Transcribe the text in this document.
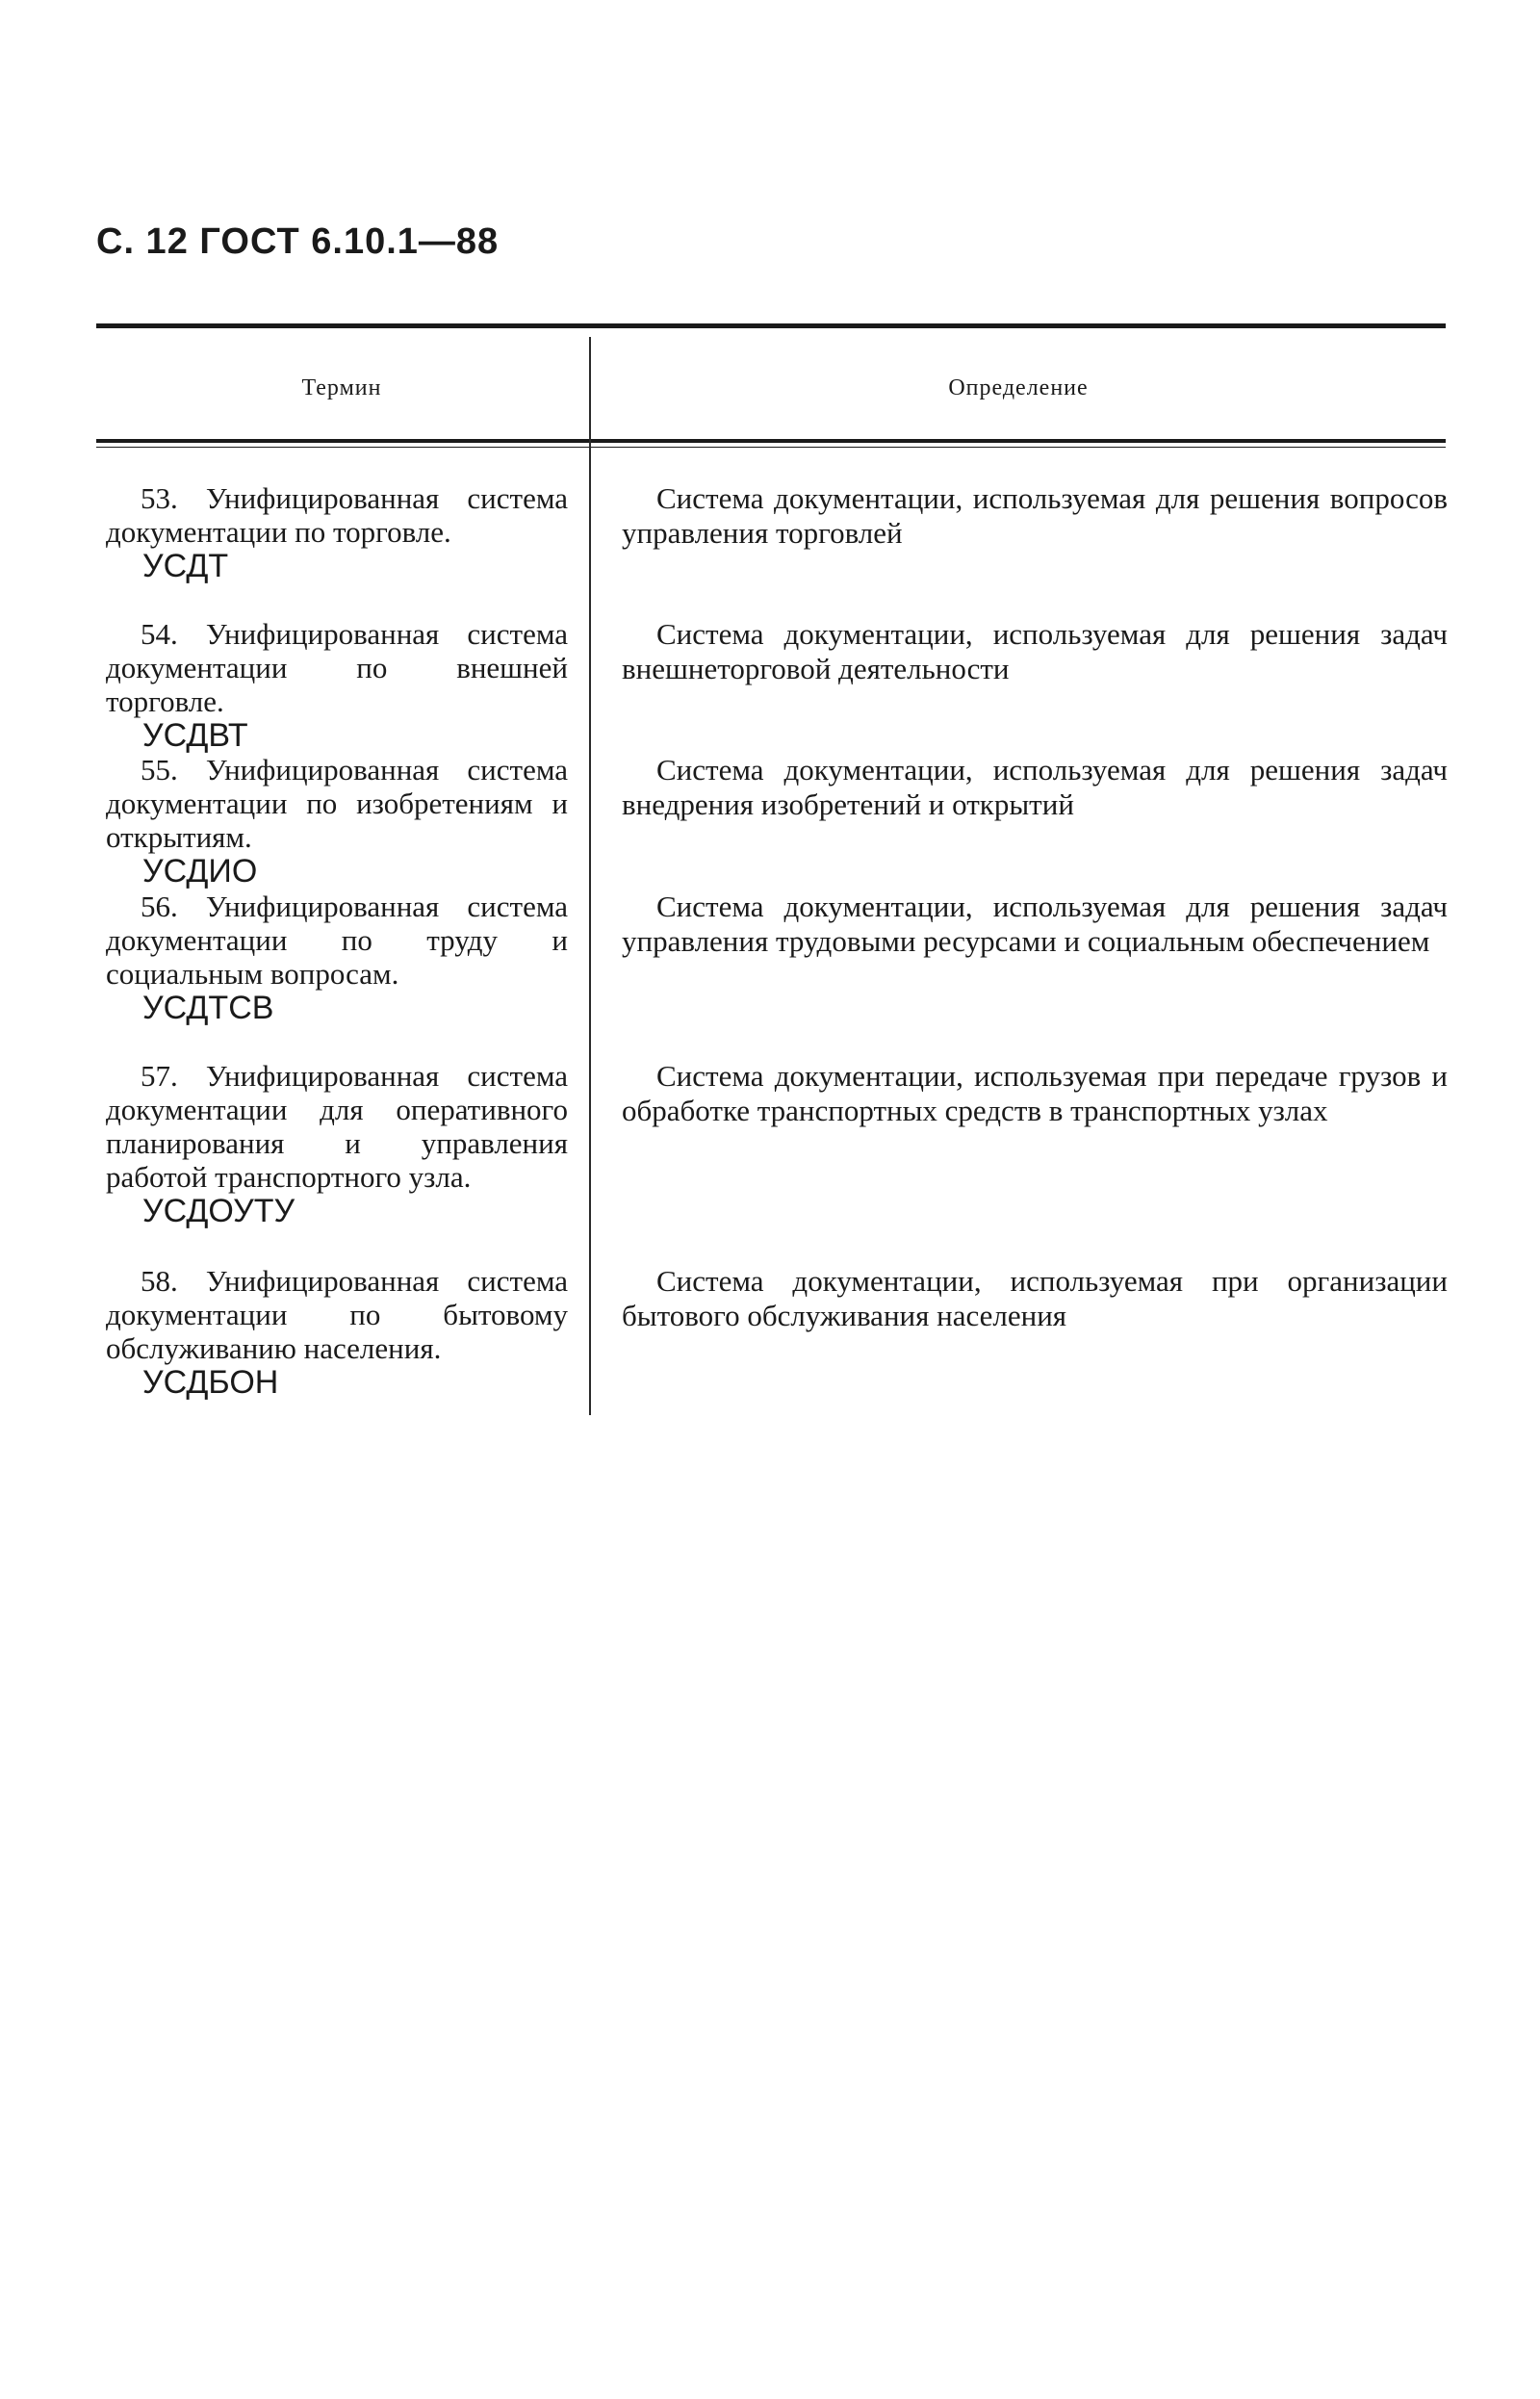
С. 12 ГОСТ 6.10.1—88
Термин	Определение
53. Унифицированная система документации по торговле.
УСДТ
Система документации, используемая для решения вопросов управления торговлей
54. Унифицированная система документации по внешней торговле.
УСДВТ
Система документации, используемая для решения задач внешнеторговой деятельности
55. Унифицированная система документации по изобретениям и открытиям.
УСДИО
Система документации, используемая для решения задач внедрения изобретений и открытий
56. Унифицированная система документации по труду и социальным вопросам.
УСДТСВ
Система документации, используемая для решения задач управления трудовыми ресурсами и социальным обеспечением
57. Унифицированная система документации для оперативного планирования и управления работой транспортного узла.
УСДОУТУ
Система документации, используемая при передаче грузов и обработке транспортных средств в транспортных узлах
58. Унифицированная система документации по бытовому обслуживанию населения.
УСДБОН
Система документации, используемая при организации бытового обслуживания населения
